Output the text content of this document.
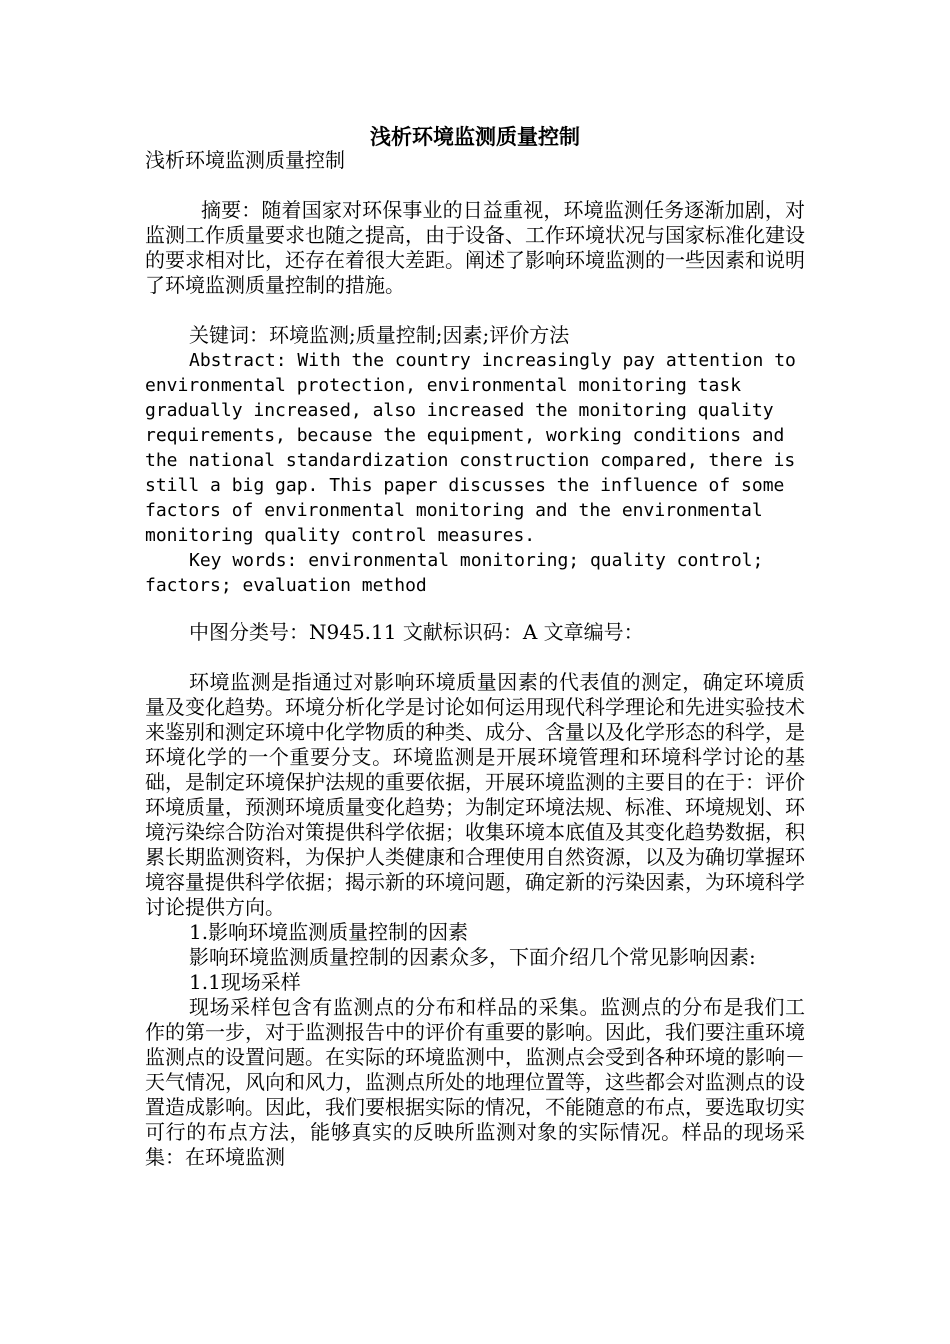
浅析环境监测质量控制

浅析环境监测质量控制

摘要：随着国家对环保事业的日益重视，环境监测任务逐渐加剧，对监测工作质量要求也随之提高，由于设备、工作环境状况与国家标准化建设的要求相对比，还存在着很大差距。阐述了影响环境监测的一些因素和说明了环境监测质量控制的措施。

关键词：环境监测;质量控制;因素;评价方法

Abstract: With the country increasingly pay attention to environmental protection, environmental monitoring task gradually increased, also increased the monitoring quality requirements, because the equipment, working conditions and the national standardization construction compared, there is still a big gap. This paper discusses the influence of some factors of environmental monitoring and the environmental monitoring quality control measures.

Key words: environmental monitoring; quality control; factors; evaluation method

中图分类号：N945.11 文献标识码：A 文章编号：

环境监测是指通过对影响环境质量因素的代表值的测定，确定环境质量及变化趋势。环境分析化学是讨论如何运用现代科学理论和先进实验技术来鉴别和测定环境中化学物质的种类、成分、含量以及化学形态的科学，是环境化学的一个重要分支。环境监测是开展环境管理和环境科学讨论的基础，是制定环境保护法规的重要依据，开展环境监测的主要目的在于：评价环境质量，预测环境质量变化趋势；为制定环境法规、标准、环境规划、环境污染综合防治对策提供科学依据；收集环境本底值及其变化趋势数据，积累长期监测资料，为保护人类健康和合理使用自然资源，以及为确切掌握环境容量提供科学依据；揭示新的环境问题，确定新的污染因素，为环境科学讨论提供方向。

1.影响环境监测质量控制的因素

影响环境监测质量控制的因素众多，下面介绍几个常见影响因素:

1.1现场采样

现场采样包含有监测点的分布和样品的采集。监测点的分布是我们工作的第一步，对于监测报告中的评价有重要的影响。因此，我们要注重环境监测点的设置问题。在实际的环境监测中，监测点会受到各种环境的影响－天气情况，风向和风力，监测点所处的地理位置等，这些都会对监测点的设置造成影响。因此，我们要根据实际的情况，不能随意的布点，要选取切实可行的布点方法，能够真实的反映所监测对象的实际情况。样品的现场采集：在环境监测
